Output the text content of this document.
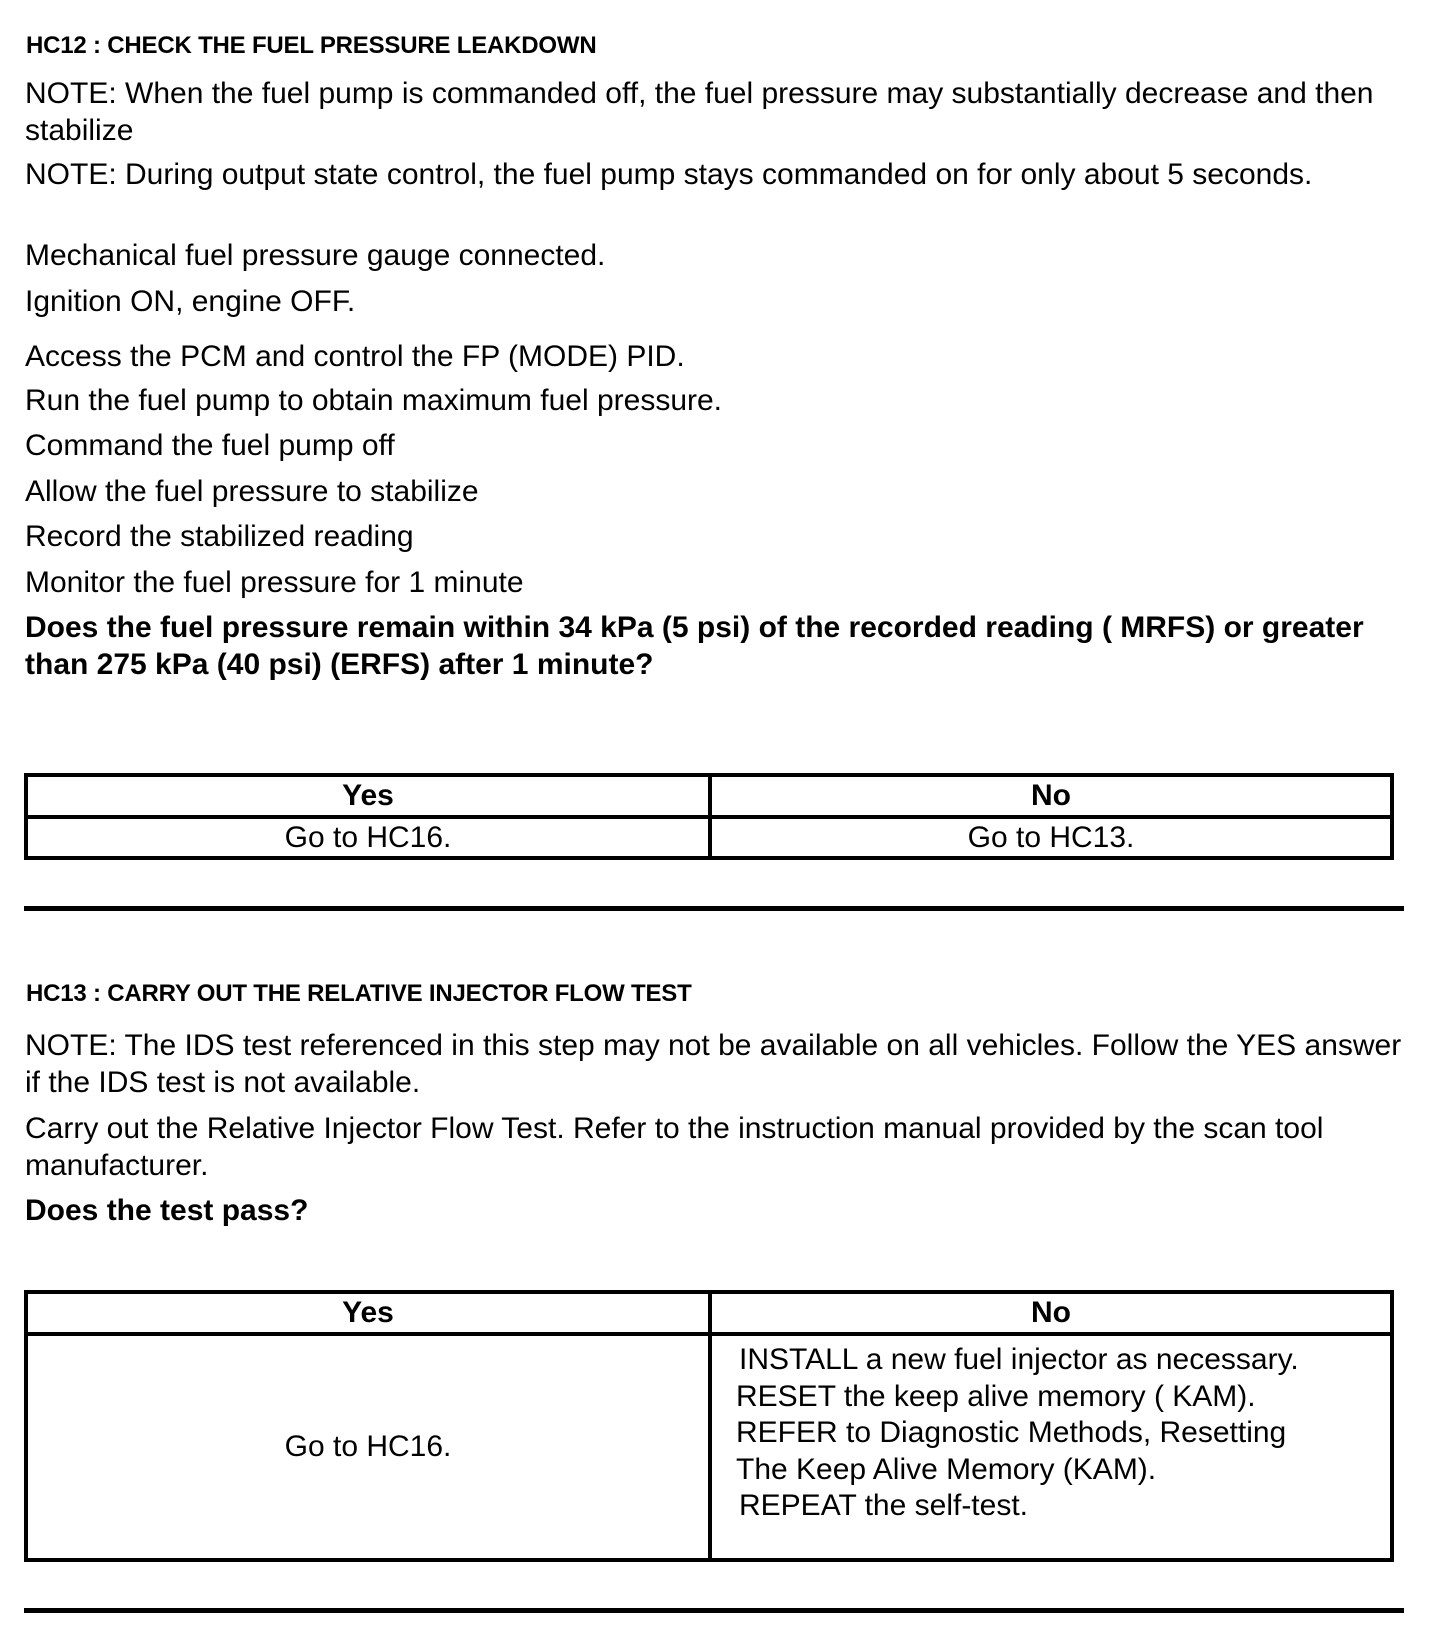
HC12 : CHECK THE FUEL PRESSURE LEAKDOWN
NOTE: When the fuel pump is commanded off, the fuel pressure may substantially decrease and then stabilize
NOTE: During output state control, the fuel pump stays commanded on for only about 5 seconds.
Mechanical fuel pressure gauge connected.
Ignition ON, engine OFF.
Access the PCM and control the FP (MODE) PID.
Run the fuel pump to obtain maximum fuel pressure.
Command the fuel pump off
Allow the fuel pressure to stabilize
Record the stabilized reading
Monitor the fuel pressure for 1 minute
Does the fuel pressure remain within 34 kPa (5 psi) of the recorded reading ( MRFS) or greater than 275 kPa (40 psi) (ERFS) after 1 minute?
Yes	No
Go to HC16.	Go to HC13.
HC13 : CARRY OUT THE RELATIVE INJECTOR FLOW TEST
NOTE: The IDS test referenced in this step may not be available on all vehicles. Follow the YES answer if the IDS test is not available.
Carry out the Relative Injector Flow Test. Refer to the instruction manual provided by the scan tool manufacturer.
Does the test pass?
Yes	No
Go to HC16.	INSTALL a new fuel injector as necessary.
RESET the keep alive memory ( KAM).
REFER to Diagnostic Methods, Resetting
The Keep Alive Memory (KAM).
REPEAT the self-test.
